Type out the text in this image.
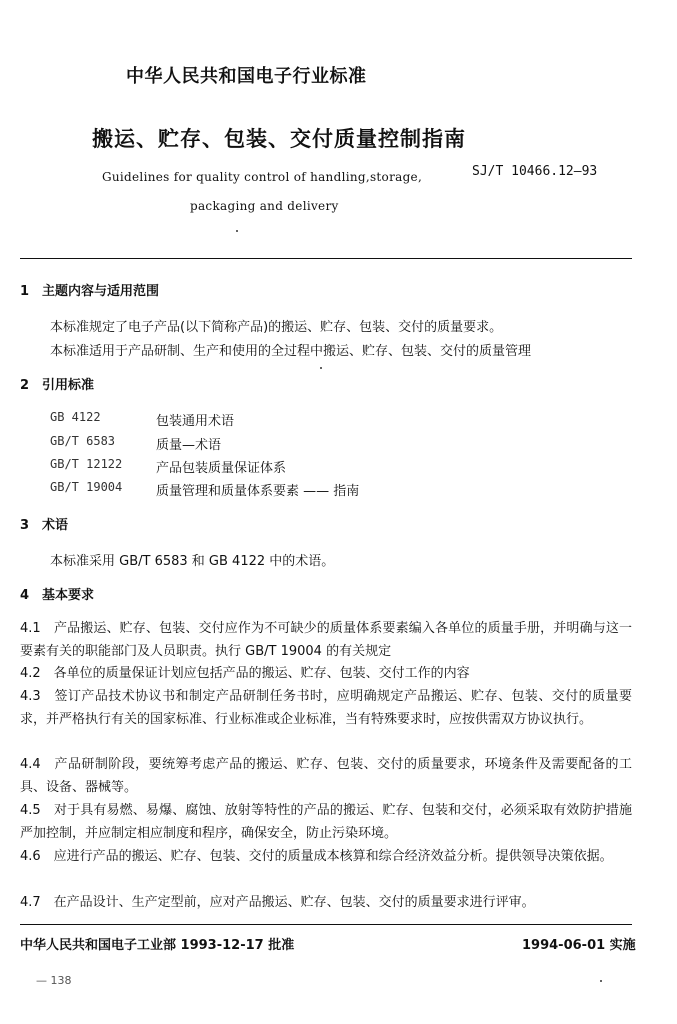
中华人民共和国电子行业标准
搬运、贮存、包装、交付质量控制指南
SJ/T 10466.12—93
Guidelines for quality control of handling,storage,
packaging and delivery
1　主题内容与适用范围
本标准规定了电子产品(以下简称产品)的搬运、贮存、包装、交付的质量要求。
本标准适用于产品研制、生产和使用的全过程中搬运、贮存、包装、交付的质量管理
2　引用标准
GB 4122	包装通用术语
GB/T 6583	质量—术语
GB/T 12122	产品包装质量保证体系
GB/T 19004	质量管理和质量体系要素 —— 指南
3　术语
本标准采用 GB/T 6583 和 GB 4122 中的术语。
4　基本要求
4.1　产品搬运、贮存、包装、交付应作为不可缺少的质量体系要素编入各单位的质量手册，并明确与这一要素有关的职能部门及人员职责。执行 GB/T 19004 的有关规定
4.2　各单位的质量保证计划应包括产品的搬运、贮存、包装、交付工作的内容
4.3　签订产品技术协议书和制定产品研制任务书时，应明确规定产品搬运、贮存、包装、交付的质量要求，并严格执行有关的国家标准、行业标准或企业标准，当有特殊要求时，应按供需双方协议执行。
4.4　产品研制阶段，要统筹考虑产品的搬运、贮存、包装、交付的质量要求，环境条件及需要配备的工具、设备、器械等。
4.5　对于具有易燃、易爆、腐蚀、放射等特性的产品的搬运、贮存、包装和交付，必须采取有效防护措施严加控制，并应制定相应制度和程序，确保安全，防止污染环境。
4.6　应进行产品的搬运、贮存、包装、交付的质量成本核算和综合经济效益分析。提供领导决策依据。
4.7　在产品设计、生产定型前，应对产品搬运、贮存、包装、交付的质量要求进行评审。
中华人民共和国电子工业部 1993-12-17 批准	1994-06-01 实施
— 138
